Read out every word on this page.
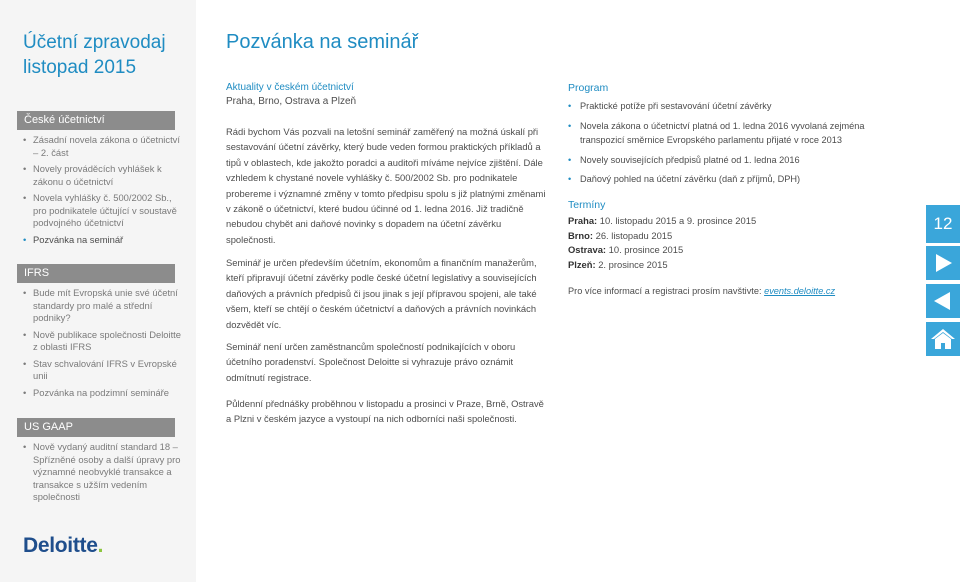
Účetní zpravodaj
listopad 2015
České účetnictví
• Zásadní novela zákona o účetnictví – 2. část
• Novely prováděcích vyhlášek k zákonu o účetnictví
• Novela vyhlášky č. 500/2002 Sb., pro podnikatele účtující v soustavě podvojného účetnictví
• Pozvánka na seminář
IFRS
• Bude mít Evropská unie své účetní standardy pro malé a střední podniky?
• Nově publikace společnosti Deloitte z oblasti IFRS
• Stav schvalování IFRS v Evropské unii
• Pozvánka na podzimní semináře
US GAAP
• Nově vydaný auditní standard 18 – Spřízněné osoby a další úpravy pro významné neobvyklé transakce a transakce s užším vedením společnosti
Deloitte.
Pozvánka na seminář
Aktuality v českém účetnictví
Praha, Brno, Ostrava a Plzeň

Rádi bychom Vás pozvali na letošní seminář zaměřený na možná úskalí při sestavování účetní závěrky, který bude veden formou praktických příkladů a tipů v oblastech, kde jakožto poradci a auditoři míváme nejvíce zjištění. Dále vzhledem k chystané novele vyhlášky č. 500/2002 Sb. pro podnikatele probereme i významné změny v tomto předpisu spolu s již platnými změnami v zákoně o účetnictví, které budou účinné od 1. ledna 2016. Již tradičně nebudou chybět ani daňové novinky s dopadem na účetní závěrku společnosti.

Seminář je určen především účetním, ekonomům a finančním manažerům, kteří připravují účetní závěrky podle české účetní legislativy a souvisejících daňových a právních předpisů či jsou jinak s její přípravou spojeni, ale také všem, kteří se chtějí o českém účetnictví a daňových a právních novinkách dozvědět víc.

Seminář není určen zaměstnancům společností podnikajících v oboru účetního poradenství. Společnost Deloitte si vyhrazuje právo oznámit odmítnutí registrace.

Půldenní přednášky proběhnou v listopadu a prosinci v Praze, Brně, Ostravě a Plzni v českém jazyce a vystoupí na nich odborníci naši společnosti.

Program
• Praktické potíže při sestavování účetní závěrky
• Novela zákona o účetnictví platná od 1. ledna 2016 vyvolaná zejména transpozicí směrnice Evropského parlamentu přijaté v roce 2013
• Novely souvisejících předpisů platné od 1. ledna 2016
• Daňový pohled na účetní závěrku (daň z příjmů, DPH)
Termíny
Praha: 10. listopadu 2015 a 9. prosince 2015
Brno: 26. listopadu 2015
Ostrava: 10. prosince 2015
Plzeň: 2. prosince 2015
Pro více informací a registraci prosím navštivte: events.deloitte.cz
12
